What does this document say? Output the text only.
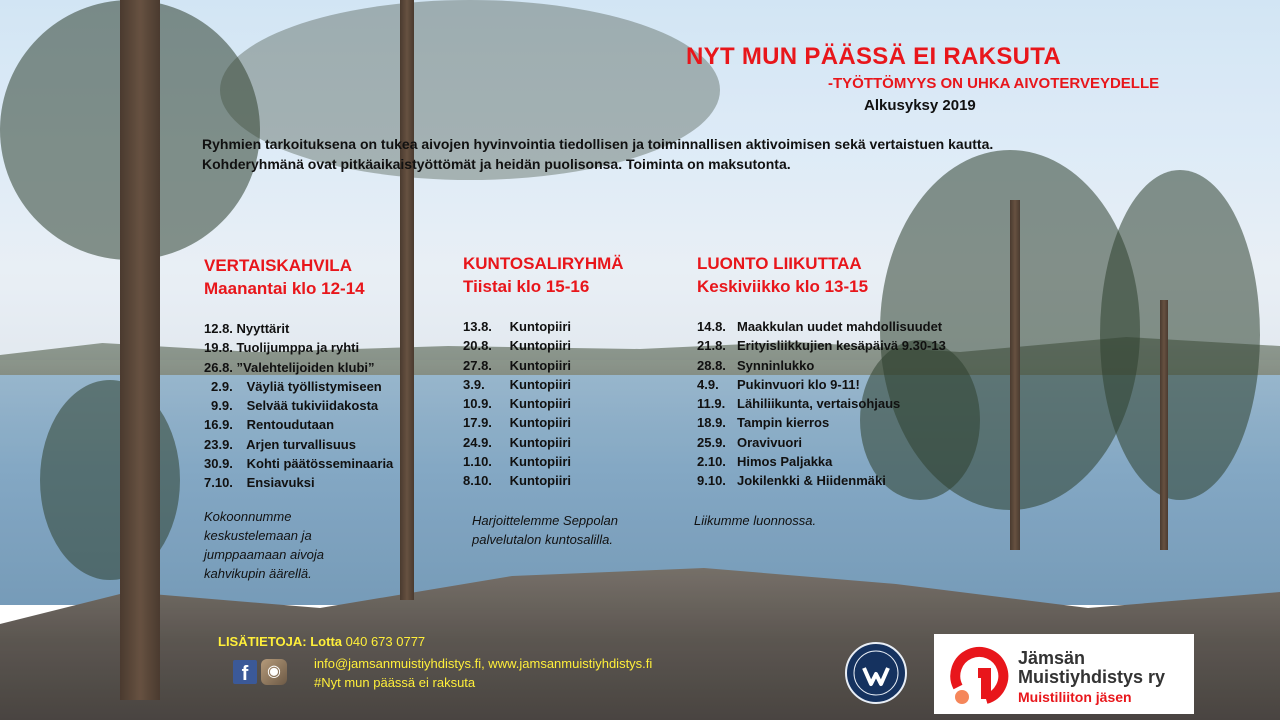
NYT MUN PÄÄSSÄ EI RAKSUTA
-TYÖTTÖMYYS ON UHKA AIVOTERVEYDELLE
Alkusyksy 2019
Ryhmien tarkoituksena on tukea aivojen hyvinvointia tiedollisen ja toiminnallisen aktivoimisen sekä vertaistuen kautta. Kohderyhmänä ovat pitkäaikaistyöttömät ja heidän puolisonsa. Toiminta on maksutonta.
VERTAISKAHVILA
Maanantai klo 12-14
12.8. Nyyttärit
19.8. Tuolijumppa ja ryhti
26.8. ”Valehtelijoiden klubi”
2.9. Väyliä työllistymiseen
9.9. Selvää tukiviidakosta
16.9. Rentoudutaan
23.9. Arjen turvallisuus
30.9. Kohti päätösseminaaria
7.10. Ensiavuksi
Kokoonnumme
keskustelemaan ja
jumppaamaan aivoja
kahvikupin äärellä.
KUNTOSALIRYHMÄ
Tiistai klo 15-16
13.8. Kuntopiiri
20.8. Kuntopiiri
27.8. Kuntopiiri
3.9. Kuntopiiri
10.9. Kuntopiiri
17.9. Kuntopiiri
24.9. Kuntopiiri
1.10. Kuntopiiri
8.10. Kuntopiiri
Harjoittelemme Seppolan
palvelutalon kuntosalilla.
LUONTO LIIKUTTAA
Keskiviikko klo 13-15
14.8. Maakkulan uudet mahdollisuudet
21.8. Erityisliikkujien kesäpäivä 9.30-13
28.8. Synninlukko
4.9. Pukinvuori klo 9-11!
11.9. Lähiliikunta, vertaisohjaus
18.9. Tampin kierros
25.9. Oravivuori
2.10. Himos Paljakka
9.10. Jokilenkki & Hiidenmäki
Liikumme luonnossa.
LISÄTIETOJA: Lotta 040 673 0777
f	◉	info@jamsanmuistiyhdistys.fi, www.jamsanmuistiyhdistys.fi
#Nyt mun päässä ei raksuta
Jämsän
Muistiyhdistys ry
Muistiliiton jäsen
